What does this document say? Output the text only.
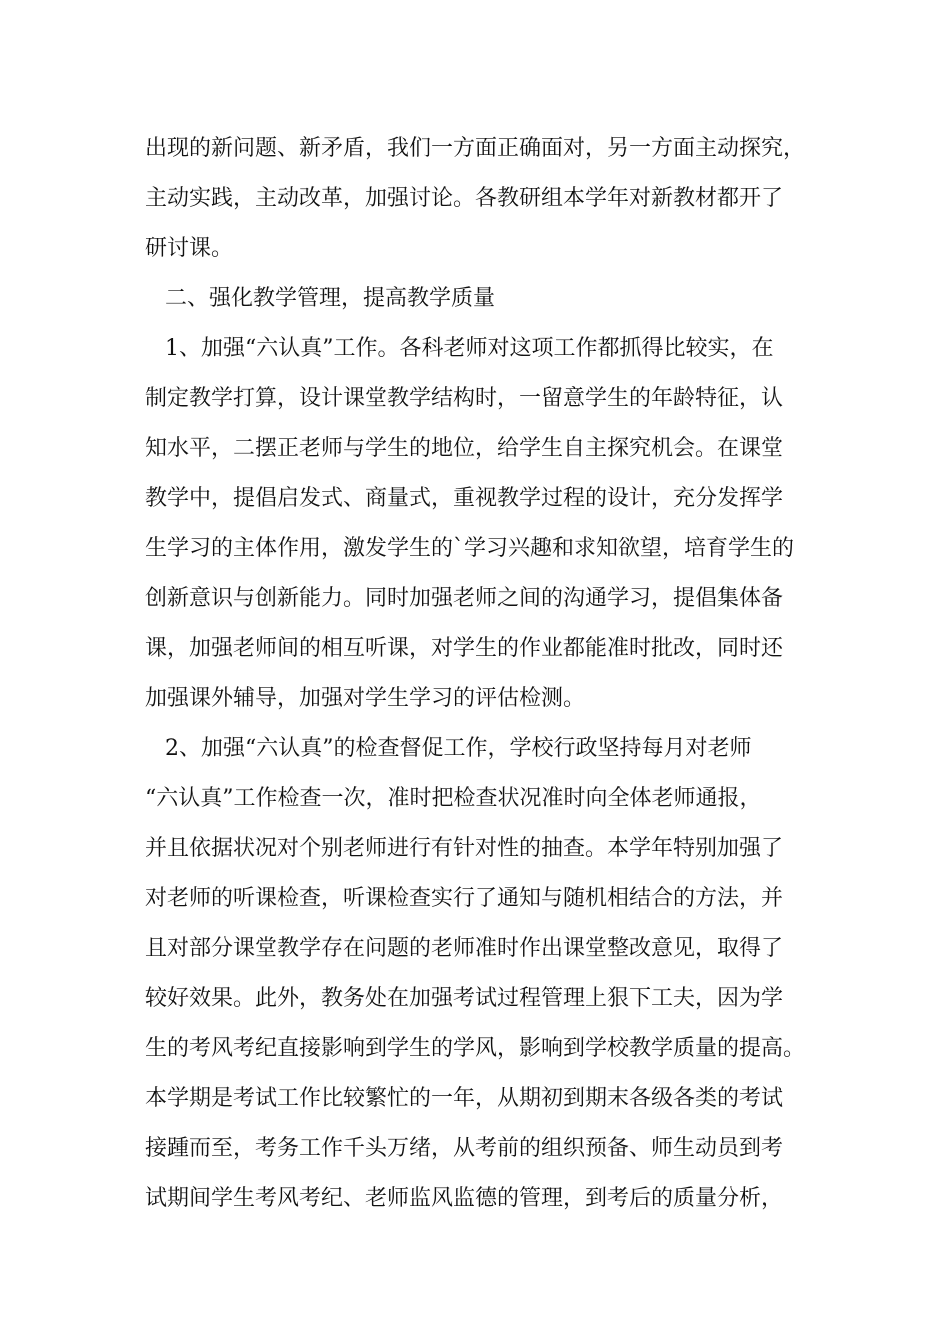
出现的新问题、新矛盾，我们一方面正确面对，另一方面主动探究，
主动实践，主动改革，加强讨论。各教研组本学年对新教材都开了
研讨课。
二、强化教学管理，提高教学质量
1、加强“六认真”工作。各科老师对这项工作都抓得比较实，在
制定教学打算，设计课堂教学结构时，一留意学生的年龄特征，认
知水平，二摆正老师与学生的地位，给学生自主探究机会。在课堂
教学中，提倡启发式、商量式，重视教学过程的设计，充分发挥学
生学习的主体作用，激发学生的`学习兴趣和求知欲望，培育学生的
创新意识与创新能力。同时加强老师之间的沟通学习，提倡集体备
课，加强老师间的相互听课，对学生的作业都能准时批改，同时还
加强课外辅导，加强对学生学习的评估检测。
2、加强“六认真”的检查督促工作，学校行政坚持每月对老师
“六认真”工作检查一次，准时把检查状况准时向全体老师通报，
并且依据状况对个别老师进行有针对性的抽查。本学年特别加强了
对老师的听课检查，听课检查实行了通知与随机相结合的方法，并
且对部分课堂教学存在问题的老师准时作出课堂整改意见，取得了
较好效果。此外，教务处在加强考试过程管理上狠下工夫，因为学
生的考风考纪直接影响到学生的学风，影响到学校教学质量的提高。
本学期是考试工作比较繁忙的一年，从期初到期末各级各类的考试
接踵而至，考务工作千头万绪，从考前的组织预备、师生动员到考
试期间学生考风考纪、老师监风监德的管理，到考后的质量分析，
